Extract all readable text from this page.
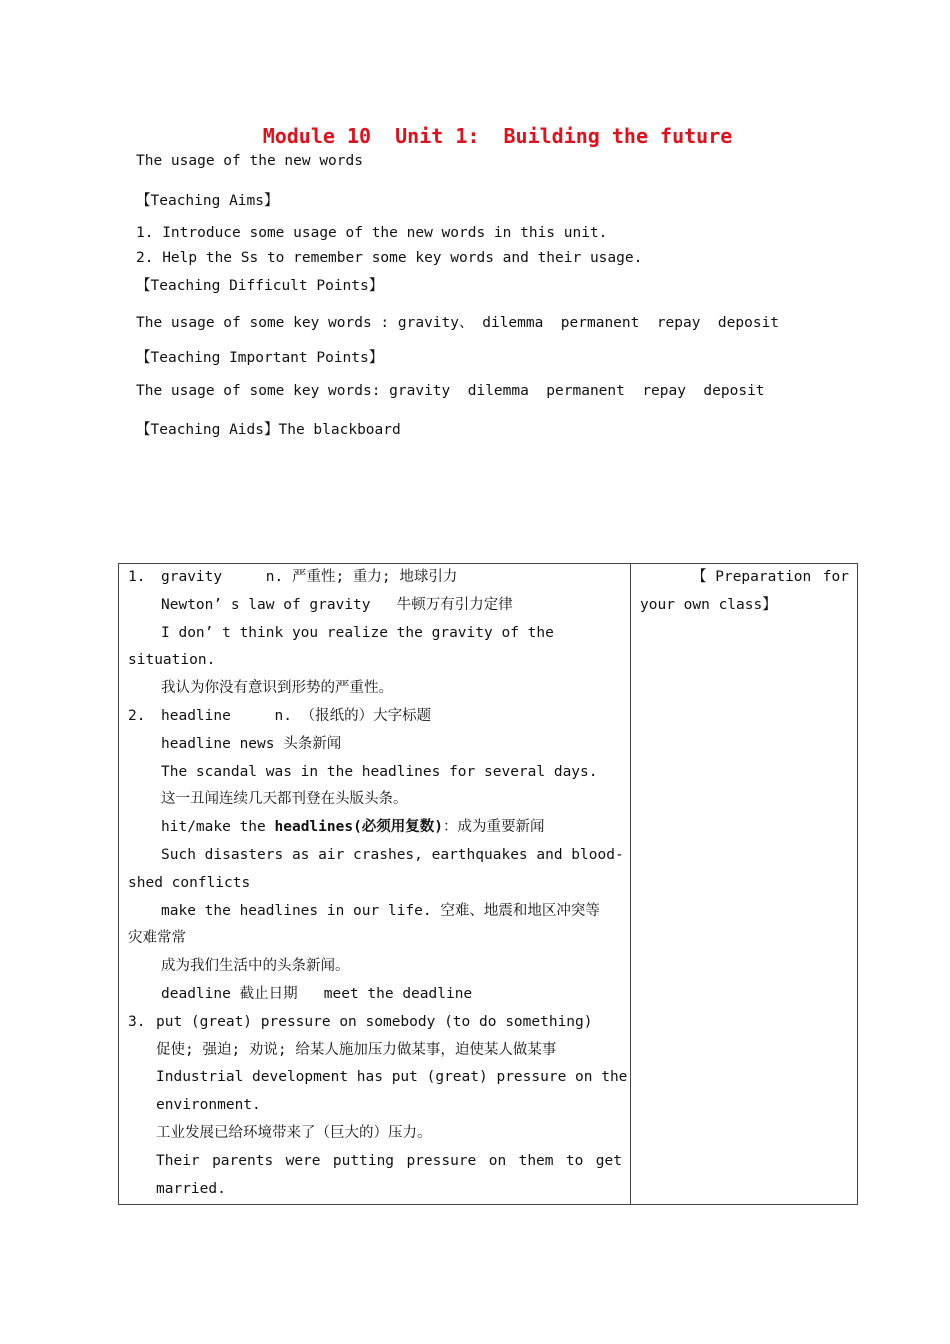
Module 10  Unit 1:  Building the future
The usage of the new words
【Teaching Aims】
1. Introduce some usage of the new words in this unit.
2. Help the Ss to remember some key words and their usage.
【Teaching Difficult Points】
The usage of some key words : gravity、 dilemma  permanent  repay  deposit
【Teaching Important Points】
The usage of some key words: gravity  dilemma  permanent  repay  deposit
【Teaching Aids】The blackboard
1. gravity     n. 严重性; 重力; 地球引力
Newton’ s law of gravity   牛顿万有引力定律
I don’ t think you realize the gravity of the
situation.
我认为你没有意识到形势的严重性。
2. headline     n. （报纸的）大字标题
headline news 头条新闻
The scandal was in the headlines for several days.
这一丑闻连续几天都刊登在头版头条。
hit/make the headlines(必须用复数)：成为重要新闻
Such disasters as air crashes, earthquakes and blood-
shed conflicts
make the headlines in our life. 空难、地震和地区冲突等
灾难常常
成为我们生活中的头条新闻。
deadline 截止日期   meet the deadline
3. put (great) pressure on somebody (to do something)
促使; 强迫; 劝说; 给某人施加压力做某事，迫使某人做某事
Industrial development has put (great) pressure on the
environment.
工业发展已给环境带来了（巨大的）压力。
Their parents were putting pressure on them to get
married.

【 Preparation for
your own class】
